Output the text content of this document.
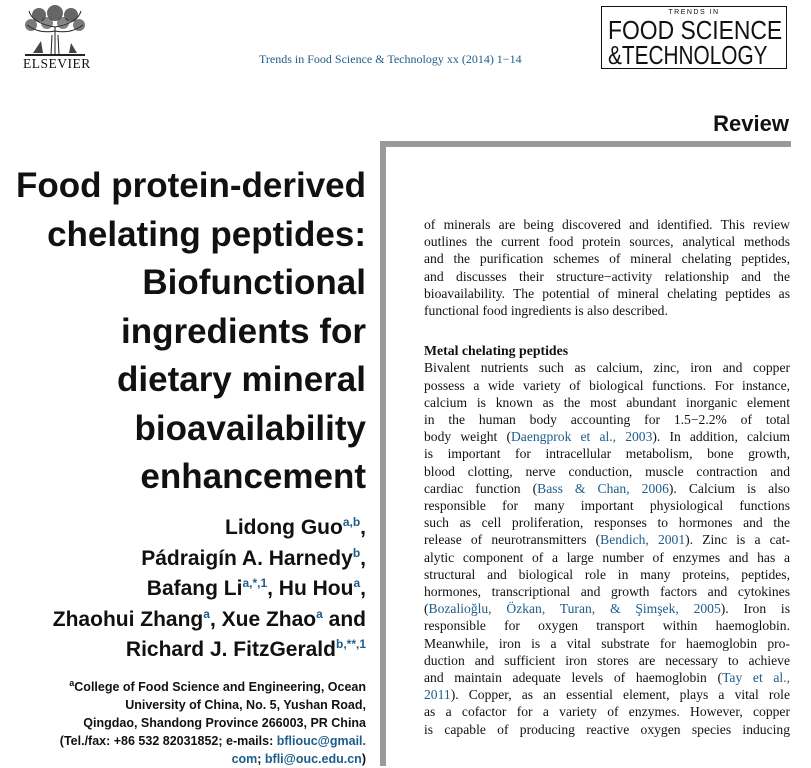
ELSEVIER	Trends in Food Science & Technology xx (2014) 1−14
TRENDS IN
FOOD SCIENCE
&TECHNOLOGY
Review
Food protein-derived
chelating peptides:
Biofunctional
ingredients for
dietary mineral
bioavailability
enhancement
Lidong Guo$^{a,b}$,
Pádraigín A. Harnedy$^b$,
Bafang Li$^{a,*,1}$, Hu Hou$^a$,
Zhaohui Zhang$^a$, Xue Zhao$^a$ and
Richard J. FitzGerald$^{b,**,1}$
$^a$College of Food Science and Engineering, Ocean
University of China, No. 5, Yushan Road,
Qingdao, Shandong Province 266003, PR China
(Tel./fax: +86 532 82031852; e-mails: bfliouc@gmail.
com; bfli@ouc.edu.cn)
of minerals are being discovered and identified. This review
outlines the current food protein sources, analytical methods
and the purification schemes of mineral chelating peptides,
and discusses their structure−activity relationship and the
bioavailability. The potential of mineral chelating peptides as
functional food ingredients is also described.
Metal chelating peptides
Bivalent nutrients such as calcium, zinc, iron and copper
possess a wide variety of biological functions. For instance,
calcium is known as the most abundant inorganic element
in the human body accounting for 1.5−2.2% of total
body weight (Daengprok et al., 2003). In addition, calcium
is important for intracellular metabolism, bone growth,
blood clotting, nerve conduction, muscle contraction and
cardiac function (Bass & Chan, 2006). Calcium is also
responsible for many important physiological functions
such as cell proliferation, responses to hormones and the
release of neurotransmitters (Bendich, 2001). Zinc is a cat-
alytic component of a large number of enzymes and has a
structural and biological role in many proteins, peptides,
hormones, transcriptional and growth factors and cytokines
(Bozalioğlu, Özkan, Turan, & Şimşek, 2005). Iron is
responsible for oxygen transport within haemoglobin.
Meanwhile, iron is a vital substrate for haemoglobin pro-
duction and sufficient iron stores are necessary to achieve
and maintain adequate levels of haemoglobin (Tay et al.,
2011). Copper, as an essential element, plays a vital role
as a cofactor for a variety of enzymes. However, copper
is capable of producing reactive oxygen species inducing
